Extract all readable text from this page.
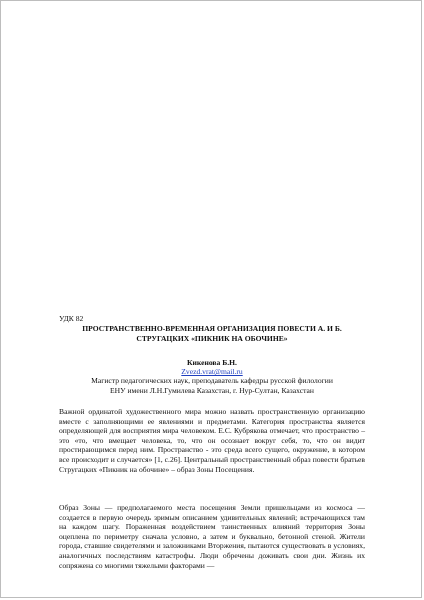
УДК 82
ПРОСТРАНСТВЕННО-ВРЕМЕННАЯ ОРГАНИЗАЦИЯ ПОВЕСТИ А. И Б.
СТРУГАЦКИХ «ПИКНИК НА ОБОЧИНЕ»
Кикенова Б.Н.
Zvezd.vrat@mail.ru
Магистр педагогических наук, преподаватель кафедры русской филологии
ЕНУ имени Л.Н.Гумилева Казахстан, г. Нур-Султан, Казахстан
Важной ординатой художественного мира можно назвать пространственную организацию вместе с заполняющими ее явлениями и предметами. Категория пространства является определяющей для восприятия мира человеком. Е.С. Кубрякова отмечает, что пространство – это «то, что вмещает человека, то, что он осознает вокруг себя, то, что он видит простирающимся перед ним. Пространство - это среда всего сущего, окружение, в котором все происходит и случается» [1, с.26]. Центральный пространственный образ повести братьев Стругацких «Пикник на обочине» – образ Зоны Посещения.
Образ Зоны — предполагаемого места посещения Земли пришельцами из космоса — создается в первую очередь зримым описанием удивительных явлений; встречающихся там на каждом шагу. Пораженная воздействием таинственных влияний территория Зоны оцеплена по периметру сначала условно, а затем и буквально, бетонной стеной. Жители города, ставшие свидетелями и заложниками Вторжения, пытаются существовать в условиях, аналогичных последствиям катастрофы. Люди обречены доживать свои дни. Жизнь их сопряжена со многими тяжелыми факторами —
